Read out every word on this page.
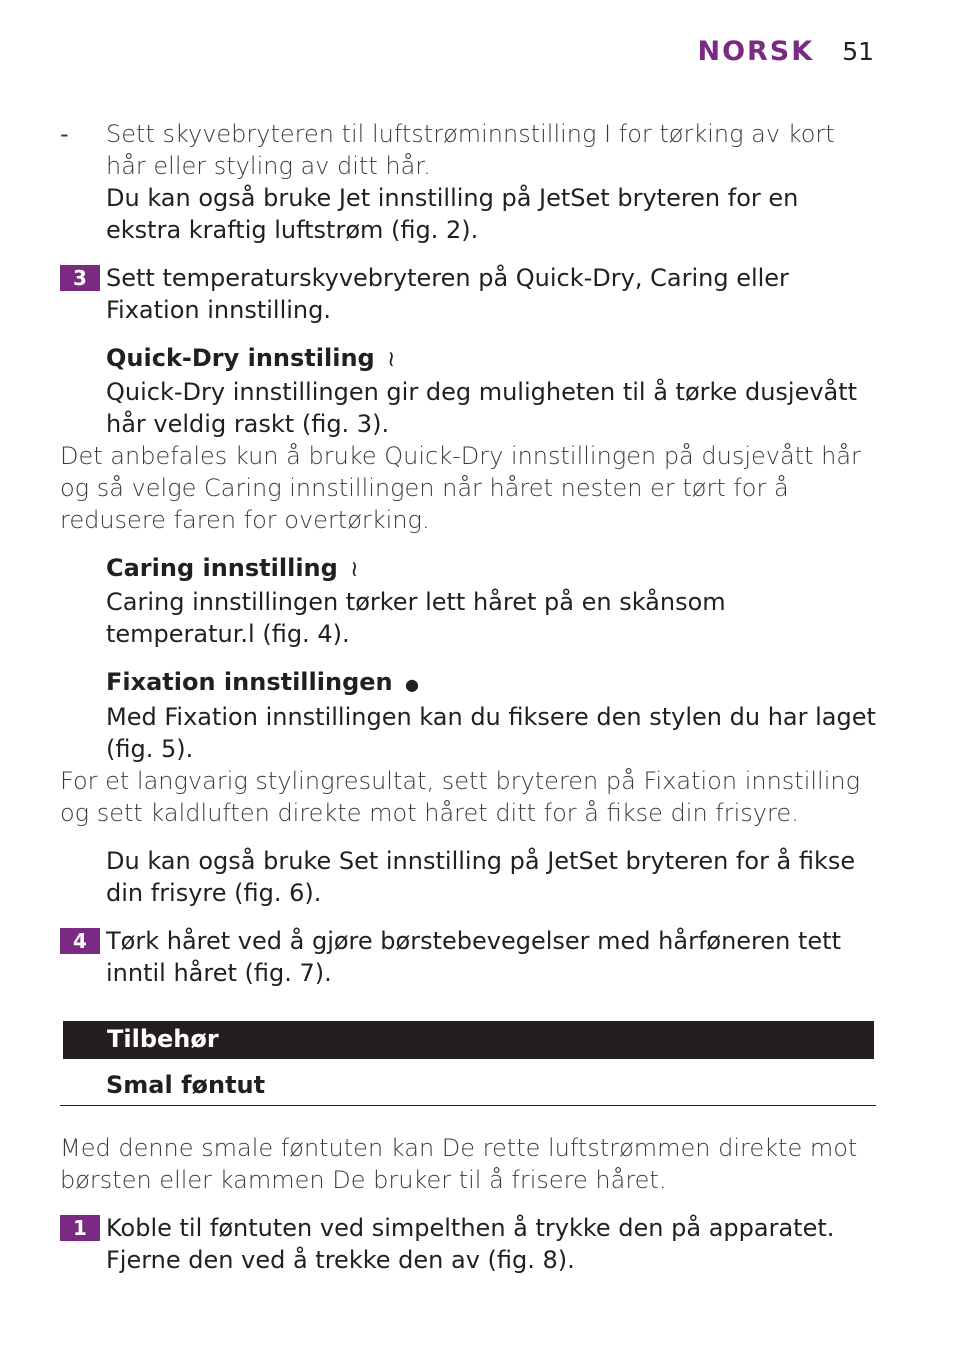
NORSK 51
-	Sett skyvebryteren til luftstrøminnstilling I for tørking av kort hår eller styling av ditt hår.
Du kan også bruke Jet innstilling på JetSet bryteren for en ekstra kraftig luftstrøm (fig. 2).
3 Sett temperaturskyvebryteren på Quick-Dry, Caring eller Fixation innstilling.
Quick-Dry innstiling ≀
Quick-Dry innstillingen gir deg muligheten til å tørke dusjevått hår veldig raskt (fig. 3).
Det anbefales kun å bruke Quick-Dry innstillingen på dusjevått hår og så velge Caring innstillingen når håret nesten er tørt for å redusere faren for overtørking.
Caring innstilling ≀
Caring innstillingen tørker lett håret på en skånsom temperatur.l (fig. 4).
Fixation innstillingen ●
Med Fixation innstillingen kan du fiksere den stylen du har laget (fig. 5).
For et langvarig stylingresultat, sett bryteren på Fixation innstilling og sett kaldluften direkte mot håret ditt for å fikse din frisyre.
Du kan også bruke Set innstilling på JetSet bryteren for å fikse din frisyre (fig. 6).
4 Tørk håret ved å gjøre børstebevegelser med hårføneren tett inntil håret (fig. 7).
Tilbehør
Smal føntut
Med denne smale føntuten kan De rette luftstrømmen direkte mot børsten eller kammen De bruker til å frisere håret.
1 Koble til føntuten ved simpelthen å trykke den på apparatet. Fjerne den ved å trekke den av (fig. 8).
